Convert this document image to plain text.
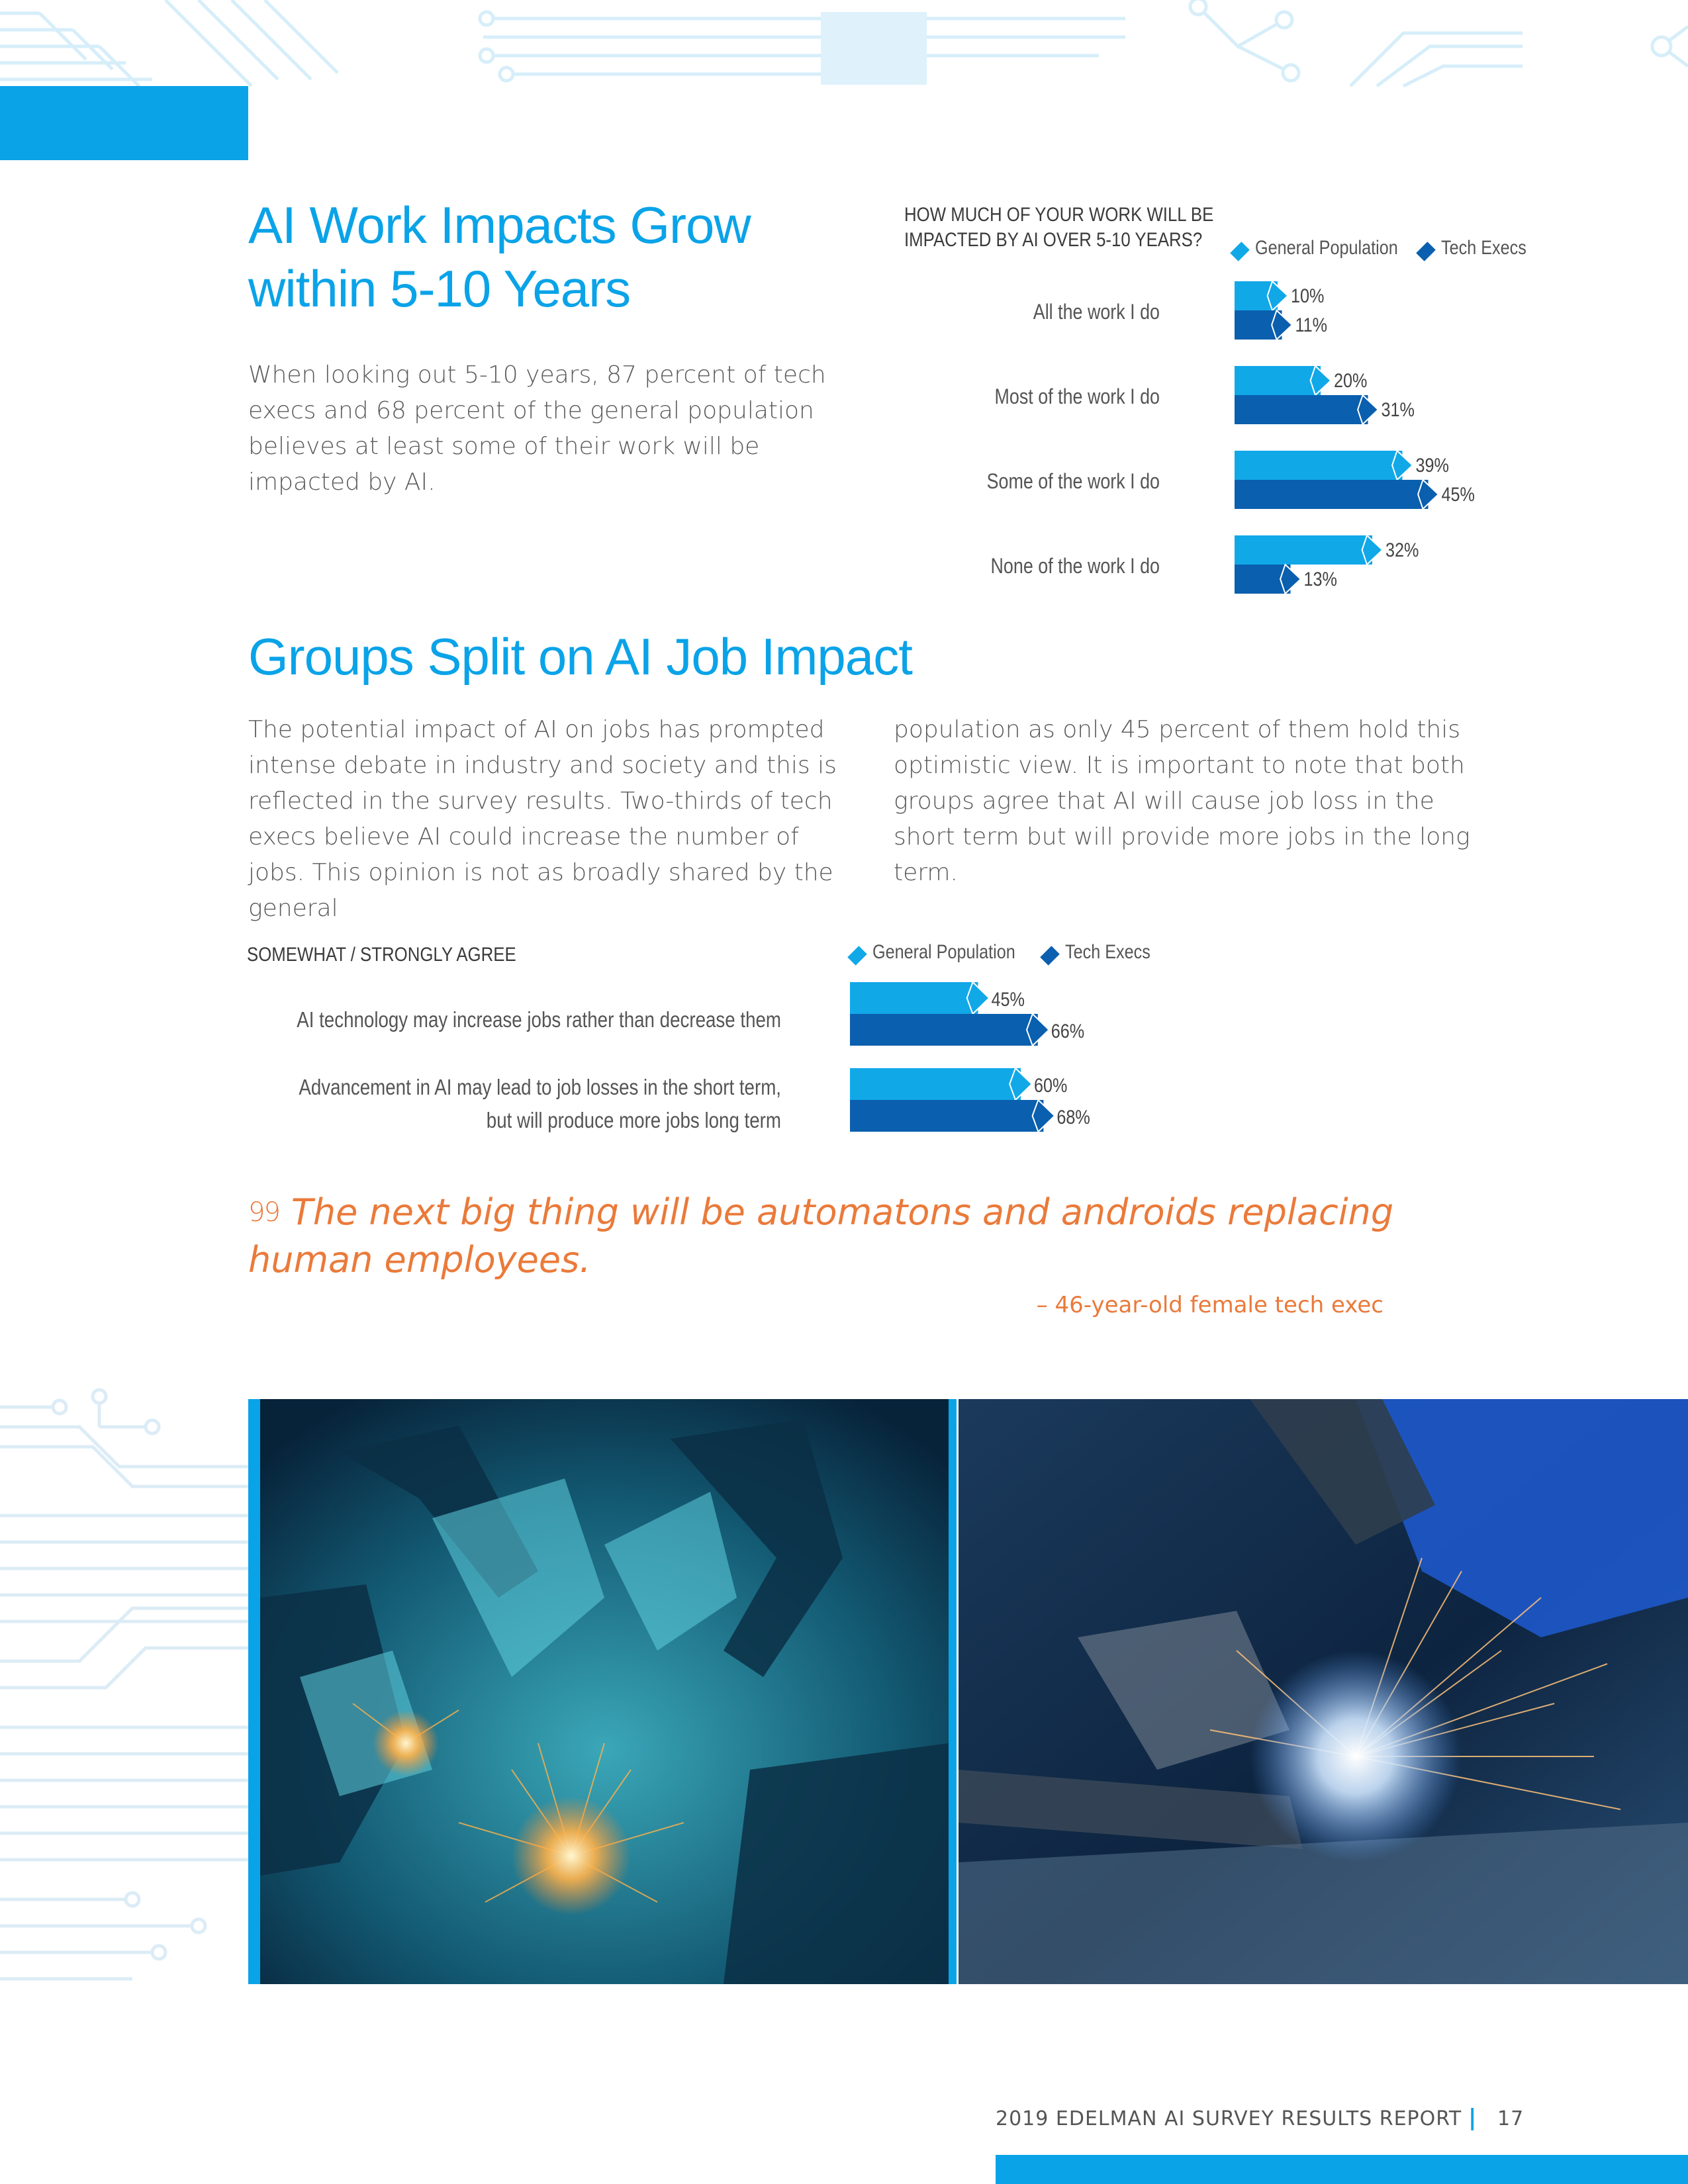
AI Work Impacts Grow
within 5-10 Years

When looking out 5-10 years, 87 percent of tech execs and 68 percent of the general population believes at least some of their work will be impacted by AI.

HOW MUCH OF YOUR WORK WILL BE
IMPACTED BY AI OVER 5-10 YEARS?	General Population Tech Execs
All the work I do
10%
11%
Most of the work I do
20%
31%
Some of the work I do
39%
45%
None of the work I do
32%
13%
Groups Split on AI Job Impact

The potential impact of AI on jobs has prompted intense debate in industry and society and this is reflected in the survey results. Two-thirds of tech execs believe AI could increase the number of jobs. This opinion is not as broadly shared by the general

population as only 45 percent of them hold this optimistic view. It is important to note that both groups agree that AI will cause job loss in the short term but will provide more jobs in the long term.

SOMEWHAT / STRONGLY AGREE	General Population	Tech Execs
AI technology may increase jobs rather than decrease them
45%
66%
Advancement in AI may lead to job losses in the short term,
but will produce more jobs long term
60%
68%

$^{99}$ The next big thing will be automatons and androids replacing human employees.

– 46-year-old female tech exec
2019 EDELMAN AI SURVEY RESULTS REPORT | 17
